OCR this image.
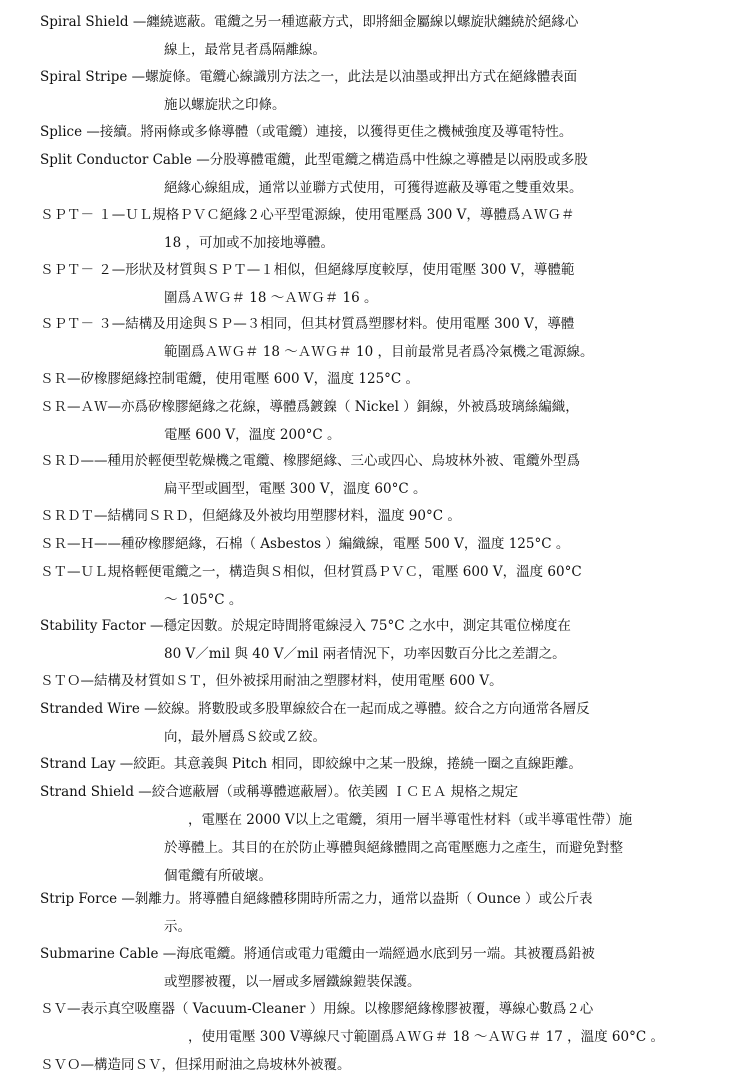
Spiral Shield —纏繞遮蔽。電纜之另一種遮蔽方式，即將細金屬線以螺旋狀纏繞於絕緣心
線上，最常見者爲隔離線。
Spiral Stripe —螺旋條。電纜心線識別方法之一，此法是以油墨或押出方式在絕緣體表面
施以螺旋狀之印條。
Splice —接續。將兩條或多條導體（或電纜）連接，以獲得更佳之機械強度及導電特性。
Split Conductor Cable —分股導體電纜，此型電纜之構造爲中性線之導體是以兩股或多股
絕緣心線組成，通常以並聯方式使用，可獲得遮蔽及導電之雙重效果。
ＳＰＴ－ １—ＵＬ規格ＰＶＣ絕緣２心平型電源線，使用電壓爲 300 V，導體爲ＡＷＧ＃
18 ，可加或不加接地導體。
ＳＰＴ－ ２—形狀及材質與ＳＰＴ—１相似，但絕緣厚度較厚，使用電壓 300 V，導體範
圍爲ＡＷＧ＃ 18 ～ＡＷＧ＃ 16 。
ＳＰＴ－ ３—結構及用途與ＳＰ—３相同，但其材質爲塑膠材料。使用電壓 300 V，導體
範圍爲ＡＷＧ＃ 18 ～ＡＷＧ＃ 10 ，目前最常見者爲冷氣機之電源線。
ＳＲ—矽橡膠絕緣控制電纜，使用電壓 600 V，溫度 125°C 。
ＳＲ—ＡＷ—亦爲矽橡膠絕緣之花線，導體爲鍍鎳（ Nickel ）銅線，外被爲玻璃絲編織，
電壓 600 V，溫度 200°C 。
ＳＲＤ——種用於輕便型乾燥機之電纜、橡膠絕緣、三心或四心、烏坡林外被、電纜外型爲
扁平型或圓型，電壓 300 V，溫度 60°C 。
ＳＲＤＴ—結構同ＳＲＤ，但絕緣及外被均用塑膠材料，溫度 90°C 。
ＳＲ—Ｈ——種矽橡膠絕緣，石棉（ Asbestos ）編織線，電壓 500 V，溫度 125°C 。
ＳＴ—ＵＬ規格輕便電纜之一，構造與Ｓ相似，但材質爲ＰＶＣ，電壓 600 V，溫度 60°C
～ 105°C 。
Stability Factor —穩定因數。於規定時間將電線浸入 75°C 之水中，測定其電位梯度在
80 V／mil 與 40 V／mil 兩者情況下，功率因數百分比之差謂之。
ＳＴＯ—結構及材質如ＳＴ，但外被採用耐油之塑膠材料，使用電壓 600 V。
Stranded Wire —絞線。將數股或多股單線絞合在一起而成之導體。絞合之方向通常各層反
向，最外層爲Ｓ絞或Ｚ絞。
Strand Lay —絞距。其意義與 Pitch 相同，即絞線中之某一股線，捲繞一圈之直線距離。
Strand Shield —絞合遮蔽層（或稱導體遮蔽層）。依美國 ＩＣＥＡ 規格之規定
，電壓在 2000 V以上之電纜，須用一層半導電性材料（或半導電性帶）施
於導體上。其目的在於防止導體與絕緣體間之高電壓應力之產生，而避免對整
個電纜有所破壞。
Strip Force —剝離力。將導體自絕緣體移開時所需之力，通常以盎斯（ Ounce ）或公斤表
示。
Submarine Cable —海底電纜。將通信或電力電纜由一端經過水底到另一端。其被覆爲鉛被
或塑膠被覆，以一層或多層鐵線鎧裝保護。
ＳＶ—表示真空吸塵器（ Vacuum-Cleaner ）用線。以橡膠絕緣橡膠被覆，導線心數爲２心
，使用電壓 300 V導線尺寸範圍爲ＡＷＧ＃ 18 ～ＡＷＧ＃ 17 ，溫度 60°C 。
ＳＶＯ—構造同ＳＶ，但採用耐油之烏坡林外被覆。
